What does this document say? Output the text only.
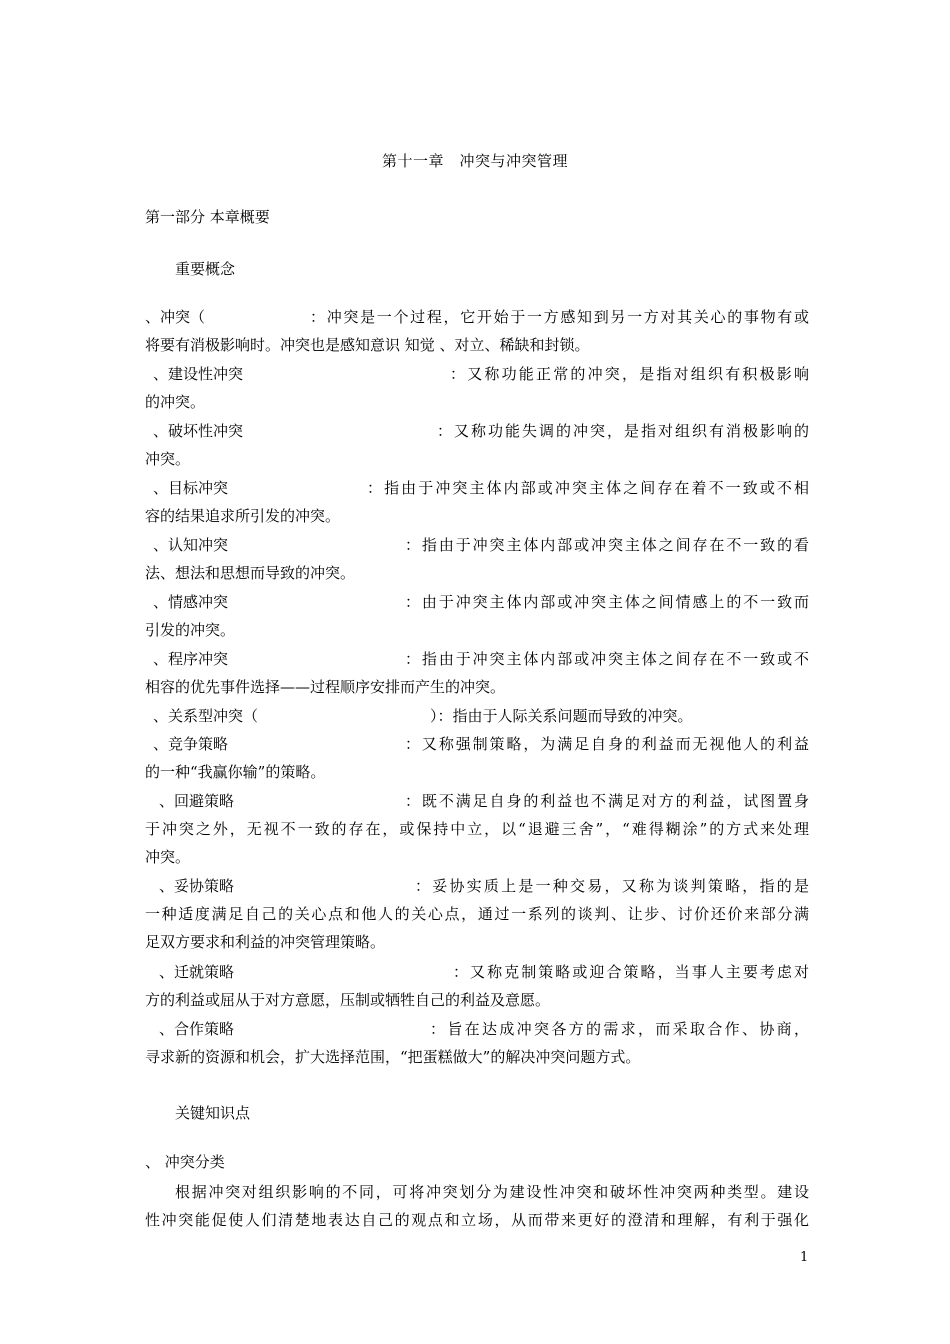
第十一章　冲突与冲突管理
第一部分 本章概要
重要概念
、冲突（	：冲突是一个过程，它开始于一方感知到另一方对其关心的事物有或
将要有消极影响时。冲突也是感知意识 知觉 、对立、稀缺和封锁。
、建设性冲突	：又称功能正常的冲突，是指对组织有积极影响
的冲突。
、破坏性冲突	：又称功能失调的冲突，是指对组织有消极影响的
冲突。
、目标冲突	：指由于冲突主体内部或冲突主体之间存在着不一致或不相
容的结果追求所引发的冲突。
、认知冲突	：指由于冲突主体内部或冲突主体之间存在不一致的看
法、想法和思想而导致的冲突。
、情感冲突	：由于冲突主体内部或冲突主体之间情感上的不一致而
引发的冲突。
、程序冲突	：指由于冲突主体内部或冲突主体之间存在不一致或不
相容的优先事件选择——过程顺序安排而产生的冲突。
、关系型冲突（	）：指由于人际关系问题而导致的冲突。
、竞争策略	：又称强制策略，为满足自身的利益而无视他人的利益
的一种“我赢你输”的策略。
、回避策略	：既不满足自身的利益也不满足对方的利益，试图置身
于冲突之外，无视不一致的存在，或保持中立，以“退避三舍”，“难得糊涂”的方式来处理
冲突。
、妥协策略	：妥协实质上是一种交易，又称为谈判策略，指的是
一种适度满足自己的关心点和他人的关心点，通过一系列的谈判、让步、讨价还价来部分满
足双方要求和利益的冲突管理策略。
、迁就策略	：又称克制策略或迎合策略，当事人主要考虑对
方的利益或屈从于对方意愿，压制或牺牲自己的利益及意愿。
、合作策略	：旨在达成冲突各方的需求，而采取合作、协商，
寻求新的资源和机会，扩大选择范围，“把蛋糕做大”的解决冲突问题方式。
关键知识点
、 冲突分类
根据冲突对组织影响的不同，可将冲突划分为建设性冲突和破坏性冲突两种类型。建设
性冲突能促使人们清楚地表达自己的观点和立场，从而带来更好的澄清和理解，有利于强化
1
